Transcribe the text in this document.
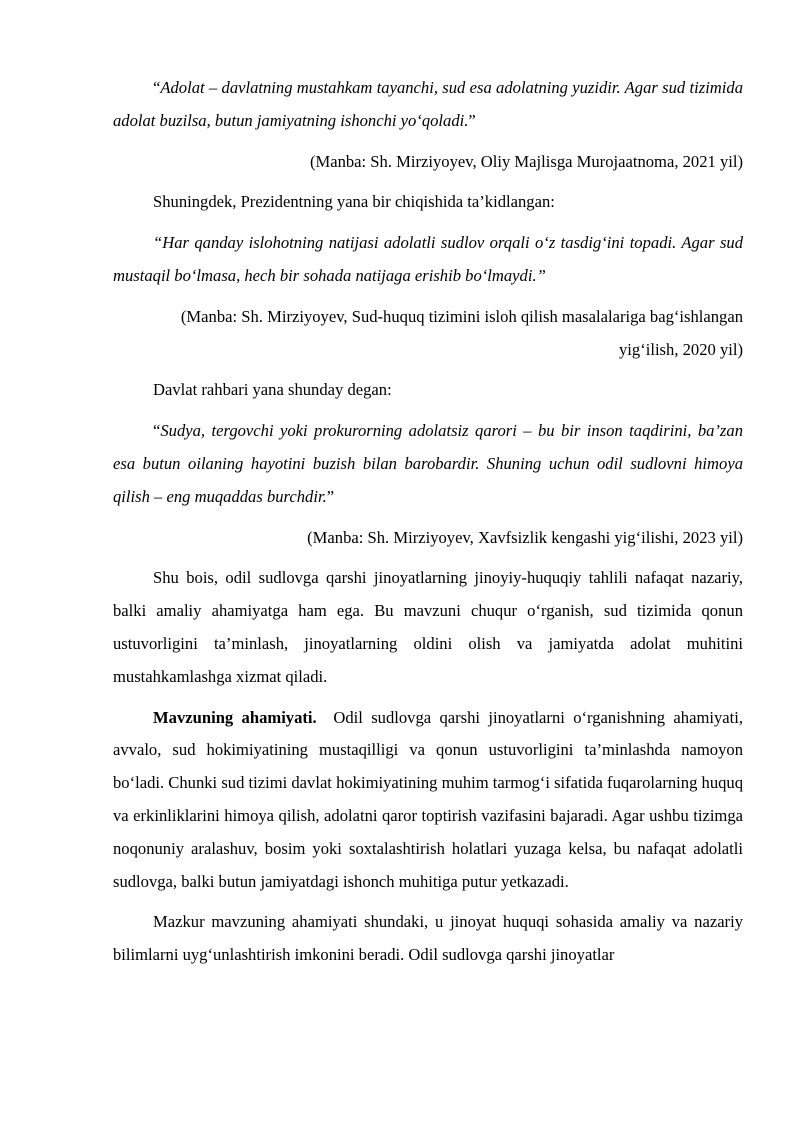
“Adolat – davlatning mustahkam tayanchi, sud esa adolatning yuzidir. Agar sud tizimida adolat buzilsa, butun jamiyatning ishonchi yo‘qoladi.”

(Manba: Sh. Mirziyoyev, Oliy Majlisga Murojaatnoma, 2021 yil)

Shuningdek, Prezidentning yana bir chiqishida ta’kidlangan:

“Har qanday islohotning natijasi adolatli sudlov orqali o‘z tasdig‘ini topadi. Agar sud mustaqil bo‘lmasa, hech bir sohada natijaga erishib bo‘lmaydi.”

(Manba: Sh. Mirziyoyev, Sud-huquq tizimini isloh qilish masalalariga bag‘ishlangan yig‘ilish, 2020 yil)

Davlat rahbari yana shunday degan:

“Sudya, tergovchi yoki prokurorning adolatsiz qarori – bu bir inson taqdirini, ba’zan esa butun oilaning hayotini buzish bilan barobardir. Shuning uchun odil sudlovni himoya qilish – eng muqaddas burchdir.”

(Manba: Sh. Mirziyoyev, Xavfsizlik kengashi yig‘ilishi, 2023 yil)

Shu bois, odil sudlovga qarshi jinoyatlarning jinoyiy-huquqiy tahlili nafaqat nazariy, balki amaliy ahamiyatga ham ega. Bu mavzuni chuqur o‘rganish, sud tizimida qonun ustuvorligini ta’minlash, jinoyatlarning oldini olish va jamiyatda adolat muhitini mustahkamlashga xizmat qiladi.

Mavzuning ahamiyati. Odil sudlovga qarshi jinoyatlarni o‘rganishning ahamiyati, avvalo, sud hokimiyatining mustaqilligi va qonun ustuvorligini ta’minlashda namoyon bo‘ladi. Chunki sud tizimi davlat hokimiyatining muhim tarmog‘i sifatida fuqarolarning huquq va erkinliklarini himoya qilish, adolatni qaror toptirish vazifasini bajaradi. Agar ushbu tizimga noqonuniy aralashuv, bosim yoki soxtalashtirish holatlari yuzaga kelsa, bu nafaqat adolatli sudlovga, balki butun jamiyatdagi ishonch muhitiga putur yetkazadi.

Mazkur mavzuning ahamiyati shundaki, u jinoyat huquqi sohasida amaliy va nazariy bilimlarni uyg‘unlashtirish imkonini beradi. Odil sudlovga qarshi jinoyatlar
